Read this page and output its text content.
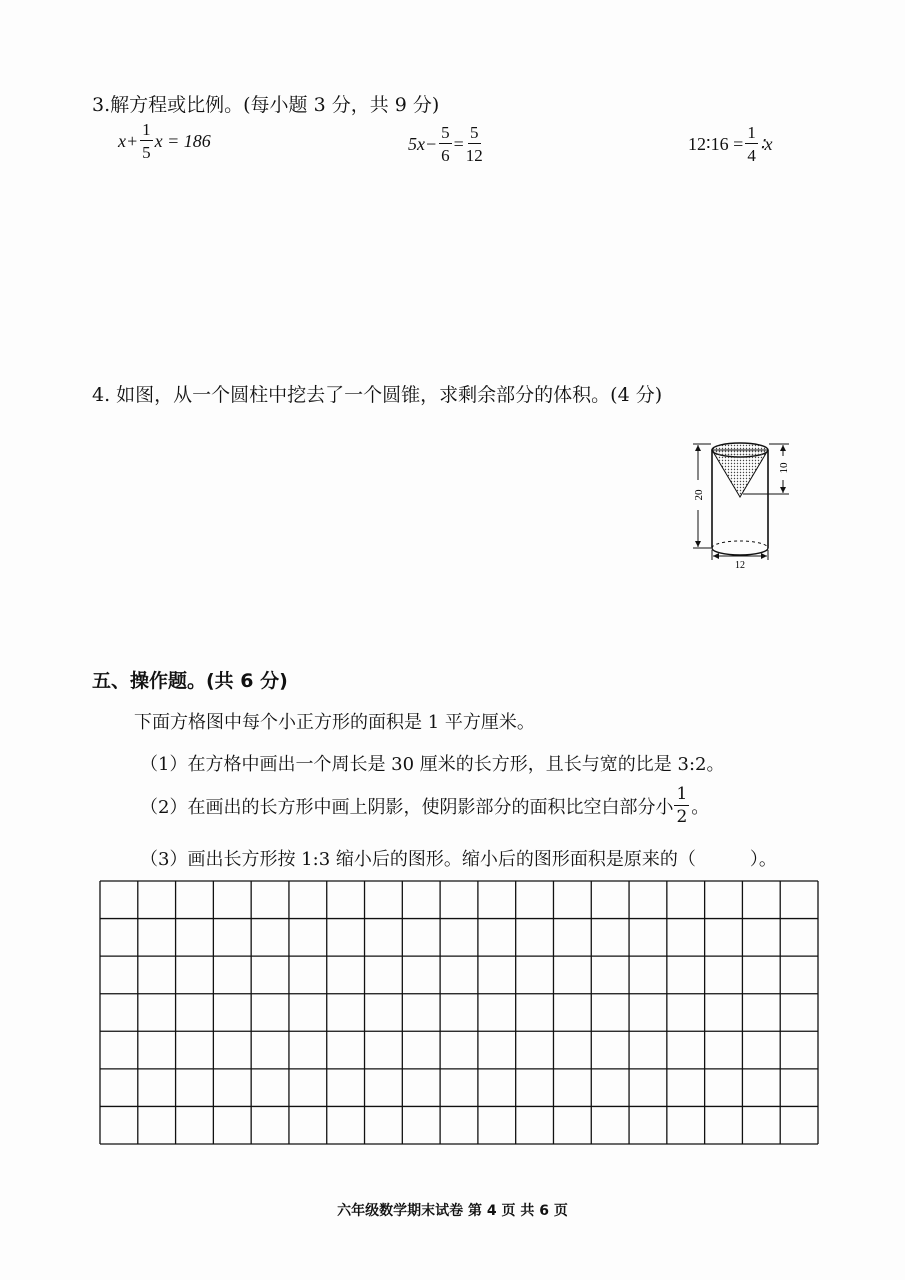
3.解方程或比例。(每小题 3 分，共 9 分)
$x+ \frac{1}{5}$ x = 186	$5x- \frac{5}{6} = \frac{5}{12}$	12∶16 = $\frac{1}{4}$ ∶x
4. 如图，从一个圆柱中挖去了一个圆锥，求剩余部分的体积。(4 分)
20
10
12
五、操作题。(共 6 分)
下面方格图中每个小正方形的面积是 1 平方厘米。
（1）在方格中画出一个周长是 30 厘米的长方形，且长与宽的比是 3:2。
（2）在画出的长方形中画上阴影，使阴影部分的面积比空白部分小 $\frac{1}{2}$ 。
（3）画出长方形按 1:3 缩小后的图形。缩小后的图形面积是原来的（　　　）。
六年级数学期末试卷 第 4 页 共 6 页
